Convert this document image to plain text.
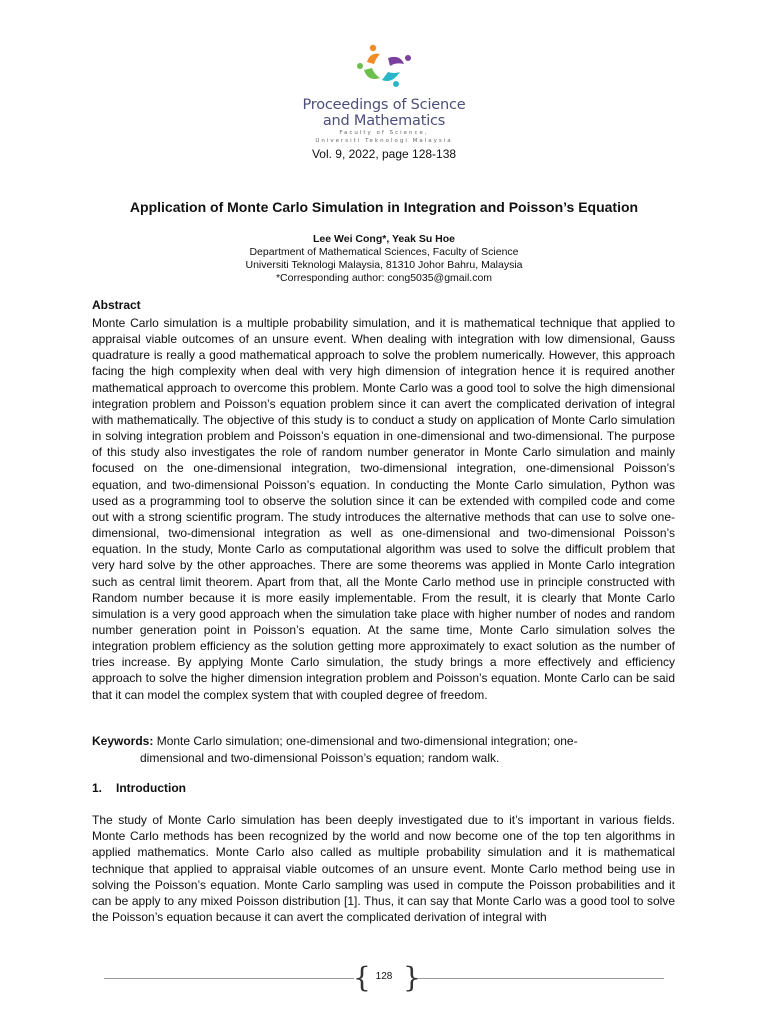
Proceedings of Science
and Mathematics
Faculty of Science,
Universiti Teknologi Malaysia
Vol. 9, 2022, page 128-138
Application of Monte Carlo Simulation in Integration and Poisson’s Equation
Lee Wei Cong*, Yeak Su Hoe
Department of Mathematical Sciences, Faculty of Science
Universiti Teknologi Malaysia, 81310 Johor Bahru, Malaysia
*Corresponding author: cong5035@gmail.com
Abstract

Monte Carlo simulation is a multiple probability simulation, and it is mathematical technique that applied to appraisal viable outcomes of an unsure event. When dealing with integration with low dimensional, Gauss quadrature is really a good mathematical approach to solve the problem numerically. However, this approach facing the high complexity when deal with very high dimension of integration hence it is required another mathematical approach to overcome this problem. Monte Carlo was a good tool to solve the high dimensional integration problem and Poisson’s equation problem since it can avert the complicated derivation of integral with mathematically. The objective of this study is to conduct a study on application of Monte Carlo simulation in solving integration problem and Poisson’s equation in one-dimensional and two-dimensional. The purpose of this study also investigates the role of random number generator in Monte Carlo simulation and mainly focused on the one-dimensional integration, two-dimensional integration, one-dimensional Poisson’s equation, and two-dimensional Poisson’s equation. In conducting the Monte Carlo simulation, Python was used as a programming tool to observe the solution since it can be extended with compiled code and come out with a strong scientific program. The study introduces the alternative methods that can use to solve one-dimensional, two-dimensional integration as well as one-dimensional and two-dimensional Poisson’s equation. In the study, Monte Carlo as computational algorithm was used to solve the difficult problem that very hard solve by the other approaches. There are some theorems was applied in Monte Carlo integration such as central limit theorem. Apart from that, all the Monte Carlo method use in principle constructed with Random number because it is more easily implementable. From the result, it is clearly that Monte Carlo simulation is a very good approach when the simulation take place with higher number of nodes and random number generation point in Poisson’s equation. At the same time, Monte Carlo simulation solves the integration problem efficiency as the solution getting more approximately to exact solution as the number of tries increase. By applying Monte Carlo simulation, the study brings a more effectively and efficiency approach to solve the higher dimension integration problem and Poisson’s equation. Monte Carlo can be said that it can model the complex system that with coupled degree of freedom.

Keywords: Monte Carlo simulation; one-dimensional and two-dimensional integration; one-
dimensional and two-dimensional Poisson’s equation; random walk.

1. Introduction

The study of Monte Carlo simulation has been deeply investigated due to it’s important in various fields. Monte Carlo methods has been recognized by the world and now become one of the top ten algorithms in applied mathematics. Monte Carlo also called as multiple probability simulation and it is mathematical technique that applied to appraisal viable outcomes of an unsure event. Monte Carlo method being use in solving the Poisson’s equation. Monte Carlo sampling was used in compute the Poisson probabilities and it can be apply to any mixed Poisson distribution [1]. Thus, it can say that Monte Carlo was a good tool to solve the Poisson’s equation because it can avert the complicated derivation of integral with

{ }
128
